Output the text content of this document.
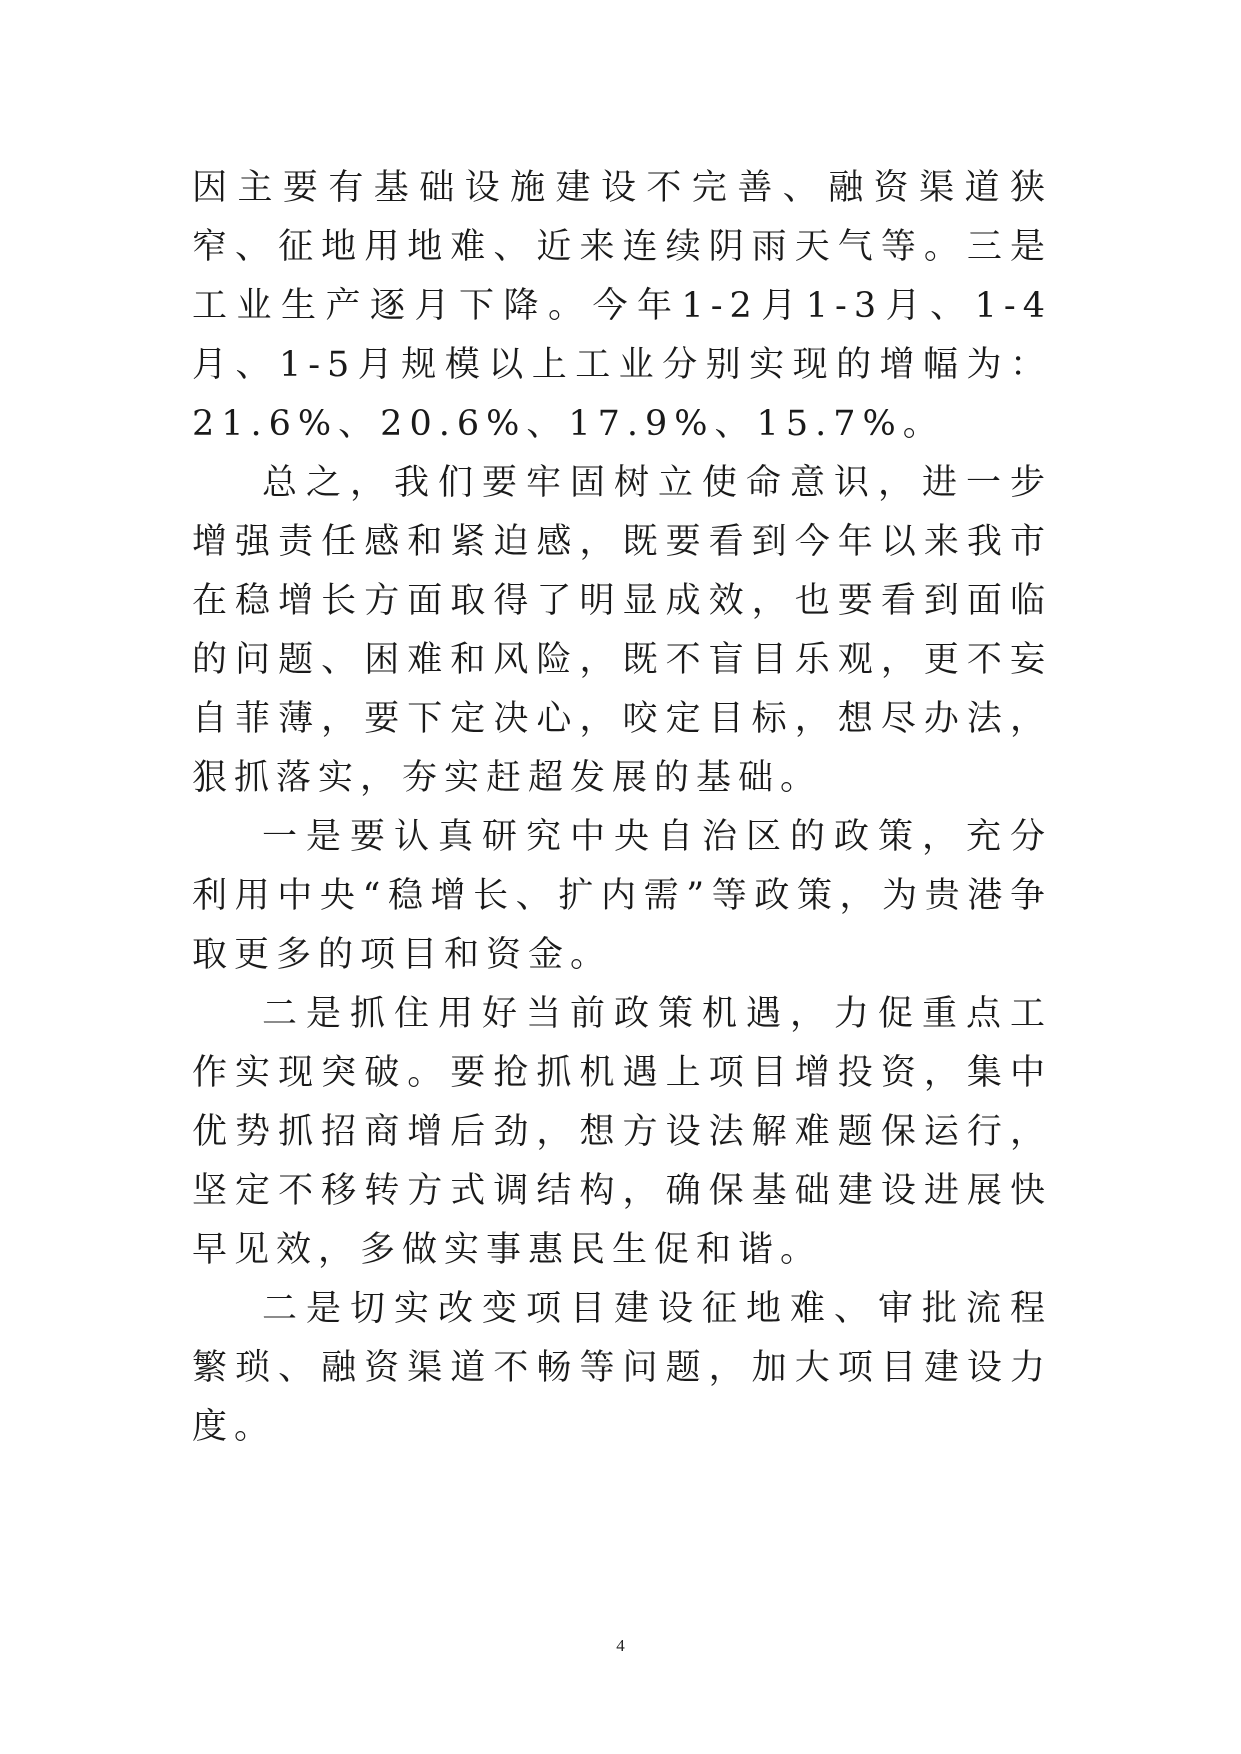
因主要有基础设施建设不完善、融资渠道狭窄、征地用地难、近来连续阴雨天气等。三是工业生产逐月下降。今年1-2月1-3月、1-4月、1-5月规模以上工业分别实现的增幅为：21.6%、20.6%、17.9%、15.7%。

总之，我们要牢固树立使命意识，进一步增强责任感和紧迫感，既要看到今年以来我市在稳增长方面取得了明显成效，也要看到面临的问题、困难和风险，既不盲目乐观，更不妄自菲薄，要下定决心，咬定目标，想尽办法，狠抓落实，夯实赶超发展的基础。

一是要认真研究中央自治区的政策，充分利用中央“稳增长、扩内需”等政策，为贵港争取更多的项目和资金。

二是抓住用好当前政策机遇，力促重点工作实现突破。要抢抓机遇上项目增投资，集中优势抓招商增后劲，想方设法解难题保运行，坚定不移转方式调结构，确保基础建设进展快早见效，多做实事惠民生促和谐。

二是切实改变项目建设征地难、审批流程繁琐、融资渠道不畅等问题，加大项目建设力度。

4
